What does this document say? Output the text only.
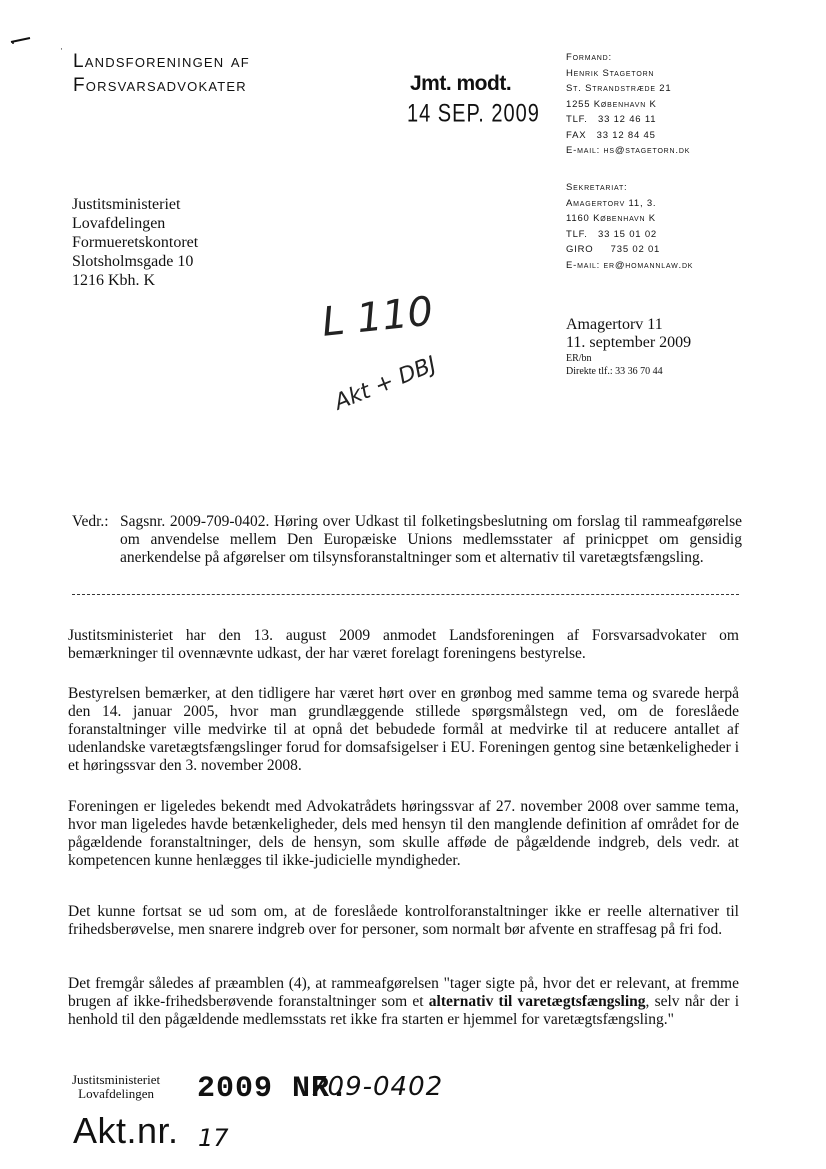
·
Landsforeningen af
Forsvarsadvokater	Jmt. modt.
14 SEP. 2009
Formand:
Henrik Stagetorn
St. Strandstræde 21
1255 København K
TLF.   33 12 46 11
FAX   33 12 84 45
E-mail: hs@stagetorn.dk
Sekretariat:
Amagertorv 11, 3.
1160 København K
TLF.   33 15 01 02
GIRO     735 02 01
E-mail: er@homannlaw.dk
Justitsministeriet
Lovafdelingen
Formueretskontoret
Slotsholmsgade 10
1216 Kbh. K
L 110
Akt + DBJ
Amagertorv 11
11. september 2009
ER/bn
Direkte tlf.: 33 36 70 44
Vedr.: Sagsnr. 2009-709-0402. Høring over Udkast til folketingsbeslutning om forslag til rammeafgørelse om anvendelse mellem Den Europæiske Unions medlemsstater af prinicppet om gensidig anerkendelse på afgørelser om tilsynsforanstaltninger som et alternativ til varetægtsfængsling.
Justitsministeriet har den 13. august 2009 anmodet Landsforeningen af Forsvarsadvokater om bemærkninger til ovennævnte udkast, der har været forelagt foreningens bestyrelse.
Bestyrelsen bemærker, at den tidligere har været hørt over en grønbog med samme tema og svarede herpå den 14. januar 2005, hvor man grundlæggende stillede spørgsmålstegn ved, om de foreslåede foranstaltninger ville medvirke til at opnå det bebudede formål at medvirke til at reducere antallet af udenlandske varetægtsfængslinger forud for domsafsigelser i EU. Foreningen gentog sine betænkeligheder i et høringssvar den 3. november 2008.
Foreningen er ligeledes bekendt med Advokatrådets høringssvar af 27. november 2008 over samme tema, hvor man ligeledes havde betænkeligheder, dels med hensyn til den manglende definition af området for de pågældende foranstaltninger, dels de hensyn, som skulle afføde de pågældende indgreb, dels vedr. at kompetencen kunne henlægges til ikke-judicielle myndigheder.
Det kunne fortsat se ud som om, at de foreslåede kontrolforanstaltninger ikke er reelle alternativer til frihedsberøvelse, men snarere indgreb over for personer, som normalt bør afvente en straffesag på fri fod.
Det fremgår således af præamblen (4), at rammeafgørelsen "tager sigte på, hvor det er relevant, at fremme brugen af ikke-frihedsberøvende foranstaltninger som et alternativ til varetægtsfængsling, selv når der i henhold til den pågældende medlemsstats ret ikke fra starten er hjemmel for varetægtsfængsling."
Justitsministeriet
Lovafdelingen 2009 NR.
709-0402
Akt.nr. 17
